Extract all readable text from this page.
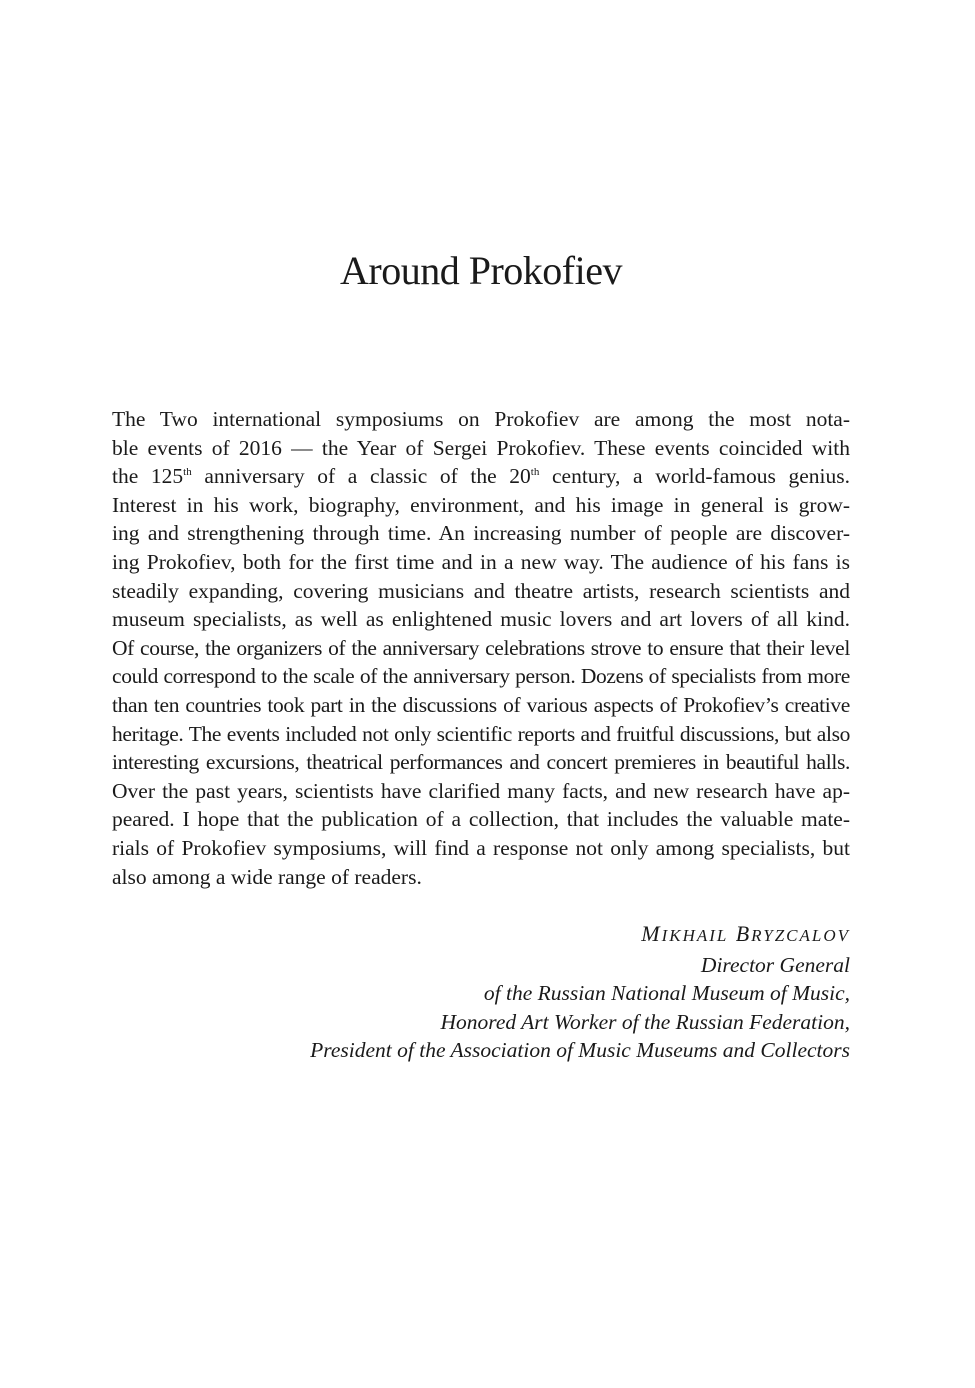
Around Prokofiev
The Two international symposiums on Prokofiev are among the most nota-
ble events of 2016 — the Year of Sergei Prokofiev. These events coincided with
the 125th anniversary of a classic of the 20th century, a world-famous genius.
Interest in his work, biography, environment, and his image in general is grow-
ing and strengthening through time. An increasing number of people are discover-
ing Prokofiev, both for the first time and in a new way. The audience of his fans is
steadily expanding, covering musicians and theatre artists, research scientists and
museum specialists, as well as enlightened music lovers and art lovers of all kind.
Of course, the organizers of the anniversary celebrations strove to ensure that their level
could correspond to the scale of the anniversary person. Dozens of specialists from more
than ten countries took part in the discussions of various aspects of Prokofiev’s creative
heritage. The events included not only scientific reports and fruitful discussions, but also
interesting excursions, theatrical performances and concert premieres in beautiful halls.
Over the past years, scientists have clarified many facts, and new research have ap-
peared. I hope that the publication of a collection, that includes the valuable mate-
rials of Prokofiev symposiums, will find a response not only among specialists, but
also among a wide range of readers.
MIKHAIL BRYZCALOV
Director General
of the Russian National Museum of Music,
Honored Art Worker of the Russian Federation,
President of the Association of Music Museums and Collectors
